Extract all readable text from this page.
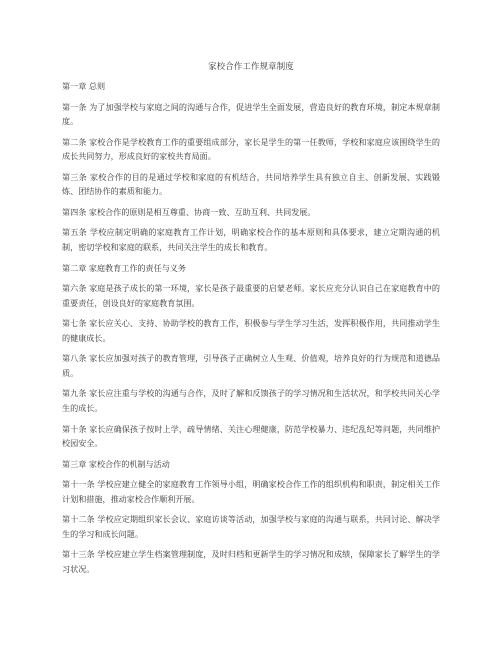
家校合作工作规章制度

第一章 总则

第一条 为了加强学校与家庭之间的沟通与合作，促进学生全面发展，营造良好的教育环境，制定本规章制度。

第二条 家校合作是学校教育工作的重要组成部分，家长是学生的第一任教师，学校和家庭应该围绕学生的成长共同努力，形成良好的家校共育局面。

第三条 家校合作的目的是通过学校和家庭的有机结合，共同培养学生具有独立自主、创新发展、实践锻炼、团结协作的素质和能力。

第四条 家校合作的原则是相互尊重、协商一致、互助互利、共同发展。

第五条 学校应制定明确的家庭教育工作计划，明确家校合作的基本原则和具体要求，建立定期沟通的机制，密切学校和家庭的联系，共同关注学生的成长和教育。

第二章 家庭教育工作的责任与义务

第六条 家庭是孩子成长的第一环境，家长是孩子最重要的启蒙老师。家长应充分认识自己在家庭教育中的重要责任，创设良好的家庭教育氛围。

第七条 家长应关心、支持、协助学校的教育工作，积极参与学生学习生活，发挥积极作用，共同推动学生的健康成长。

第八条 家长应加强对孩子的教育管理，引导孩子正确树立人生观、价值观，培养良好的行为规范和道德品质。

第九条 家长应注重与学校的沟通与合作，及时了解和反馈孩子的学习情况和生活状况，和学校共同关心学生的成长。

第十条 家长应确保孩子按时上学，疏导情绪、关注心理健康，防范学校暴力、违纪乱纪等问题，共同维护校园安全。

第三章 家校合作的机制与活动

第十一条 学校应建立健全的家庭教育工作领导小组，明确家校合作工作的组织机构和职责，制定相关工作计划和措施，推动家校合作顺利开展。

第十二条 学校应定期组织家长会议、家庭访谈等活动，加强学校与家庭的沟通与联系，共同讨论、解决学生的学习和成长问题。

第十三条 学校应建立学生档案管理制度，及时归档和更新学生的学习情况和成绩，保障家长了解学生的学习状况。
